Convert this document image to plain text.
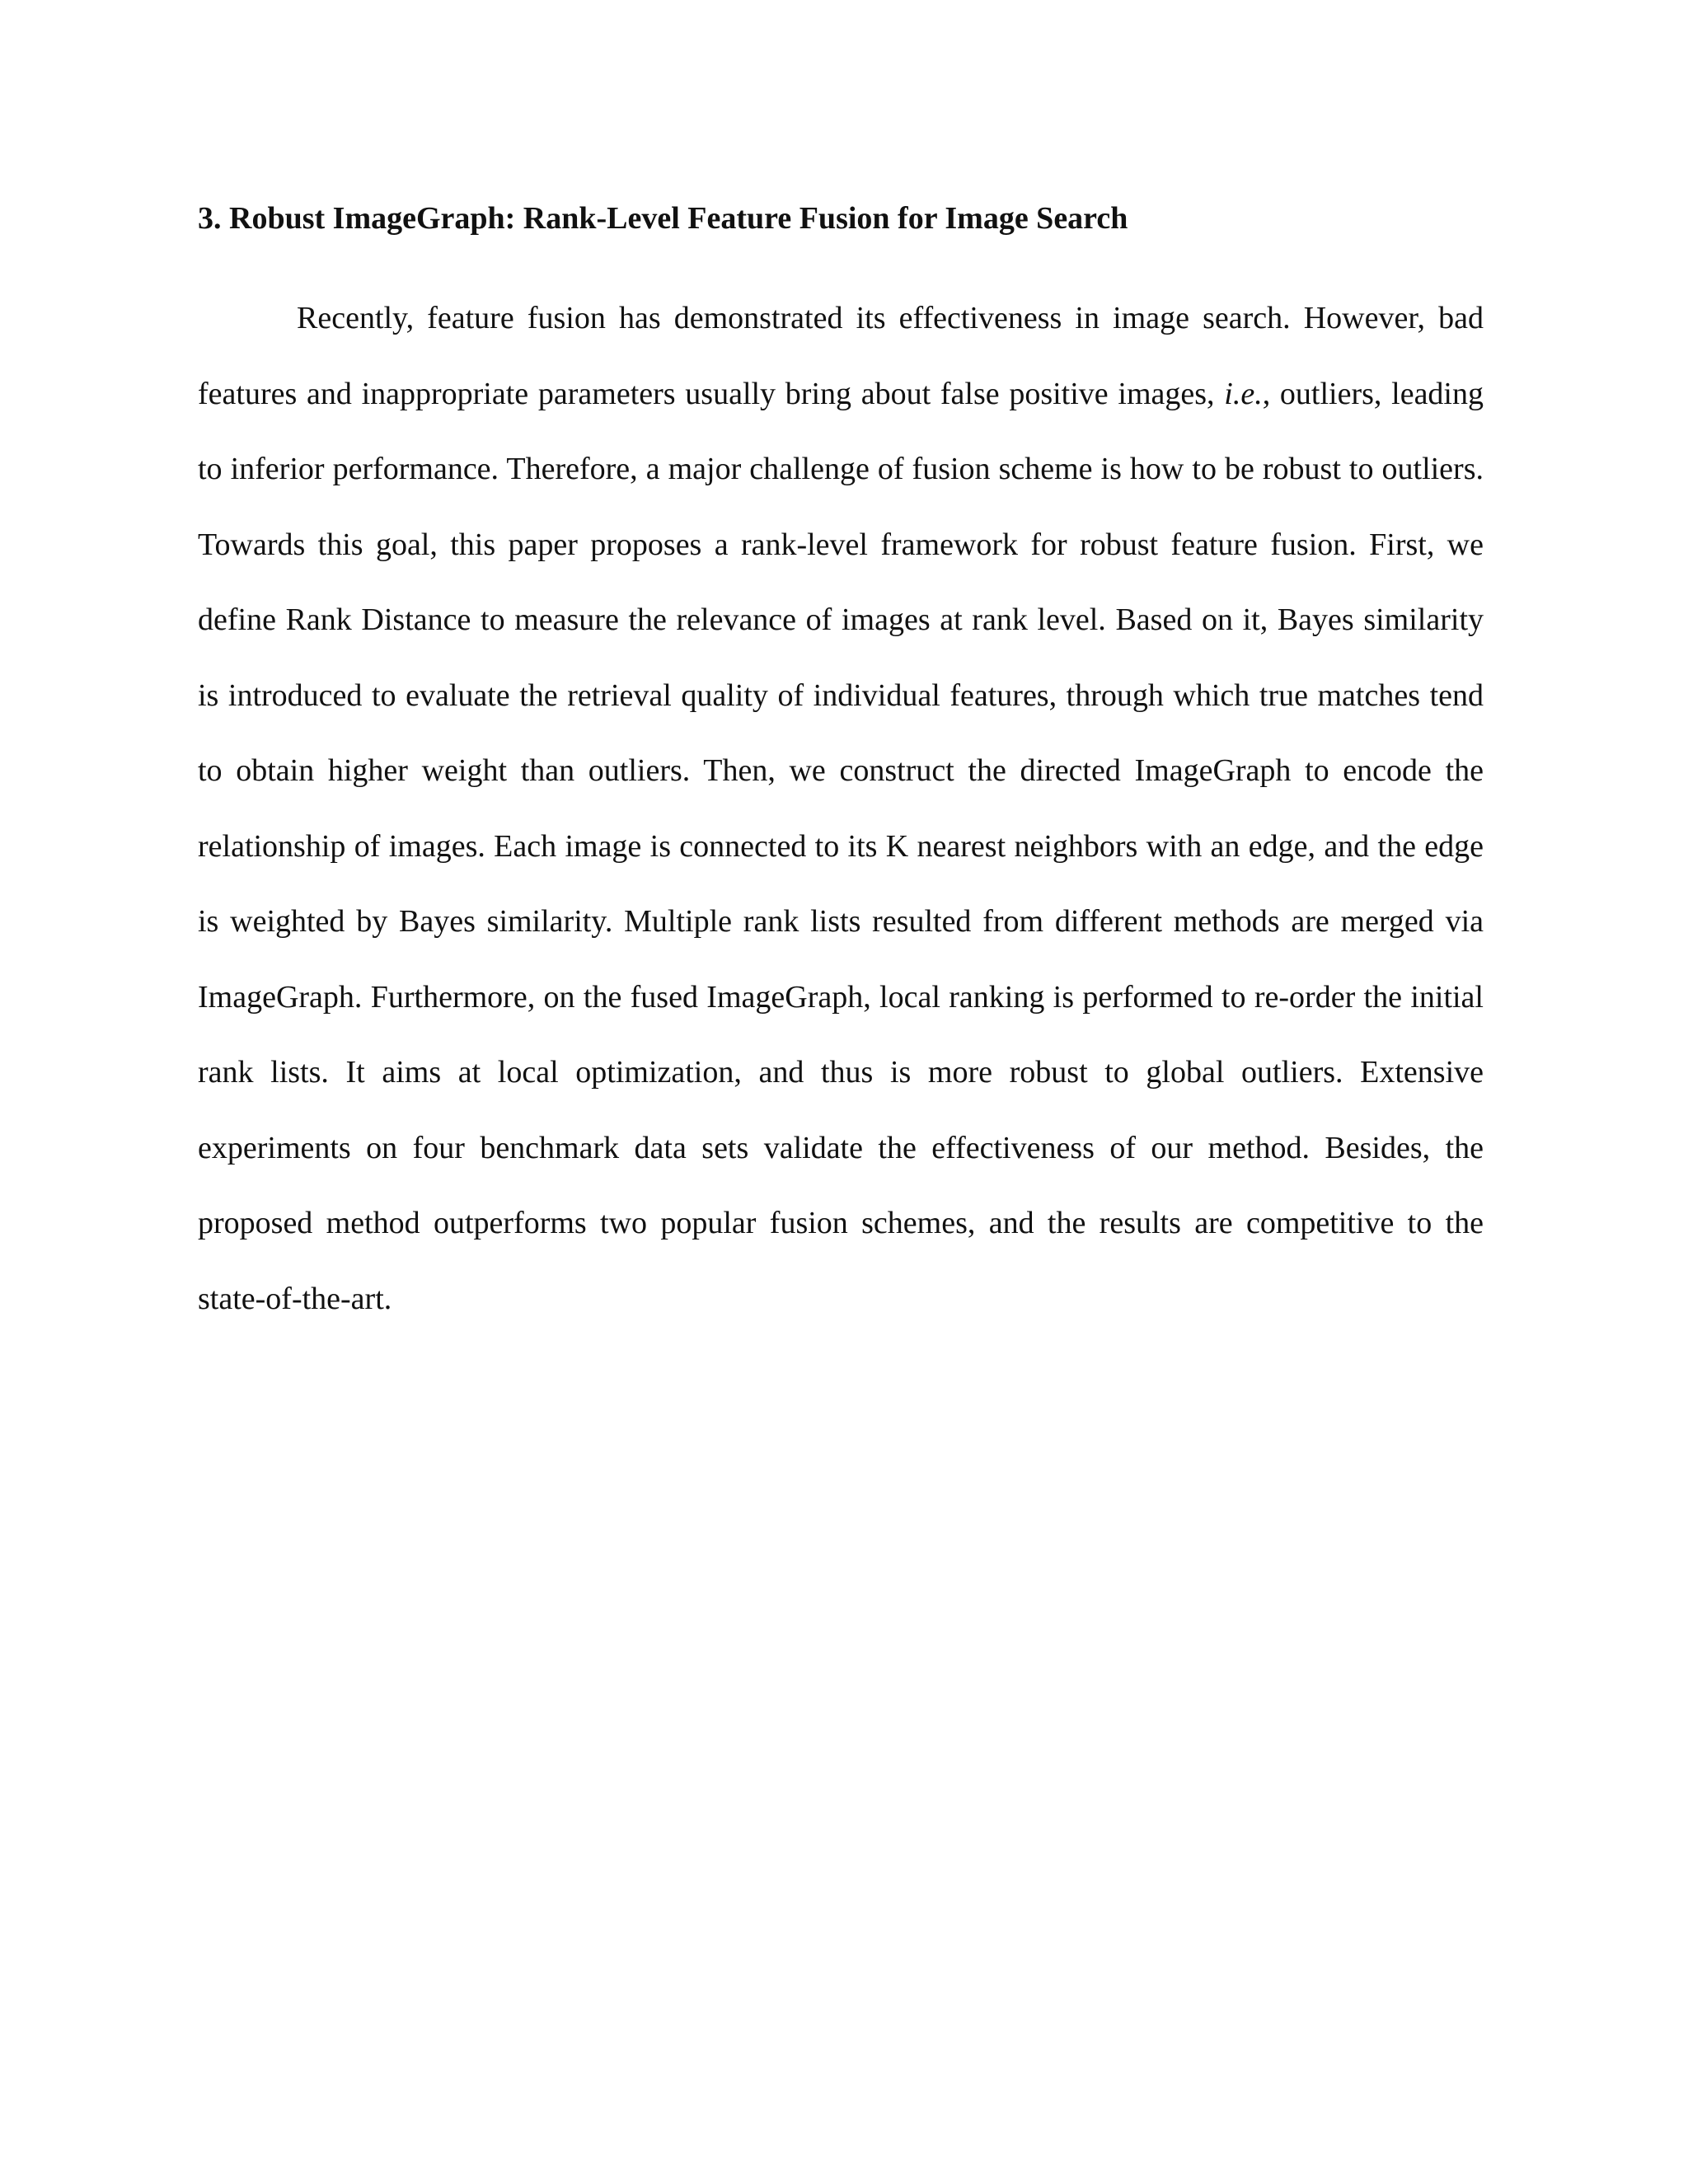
3. Robust ImageGraph: Rank-Level Feature Fusion for Image Search

Recently, feature fusion has demonstrated its effectiveness in image search. However, bad features and inappropriate parameters usually bring about false positive images, i.e., outliers, leading to inferior performance. Therefore, a major challenge of fusion scheme is how to be robust to outliers. Towards this goal, this paper proposes a rank-level framework for robust feature fusion. First, we define Rank Distance to measure the relevance of images at rank level. Based on it, Bayes similarity is introduced to evaluate the retrieval quality of individual features, through which true matches tend to obtain higher weight than outliers. Then, we construct the directed ImageGraph to encode the relationship of images. Each image is connected to its K nearest neighbors with an edge, and the edge is weighted by Bayes similarity. Multiple rank lists resulted from different methods are merged via ImageGraph. Furthermore, on the fused ImageGraph, local ranking is performed to re-order the initial rank lists. It aims at local optimization, and thus is more robust to global outliers. Extensive experiments on four benchmark data sets validate the effectiveness of our method. Besides, the proposed method outperforms two popular fusion schemes, and the results are competitive to the state-of-the-art.
